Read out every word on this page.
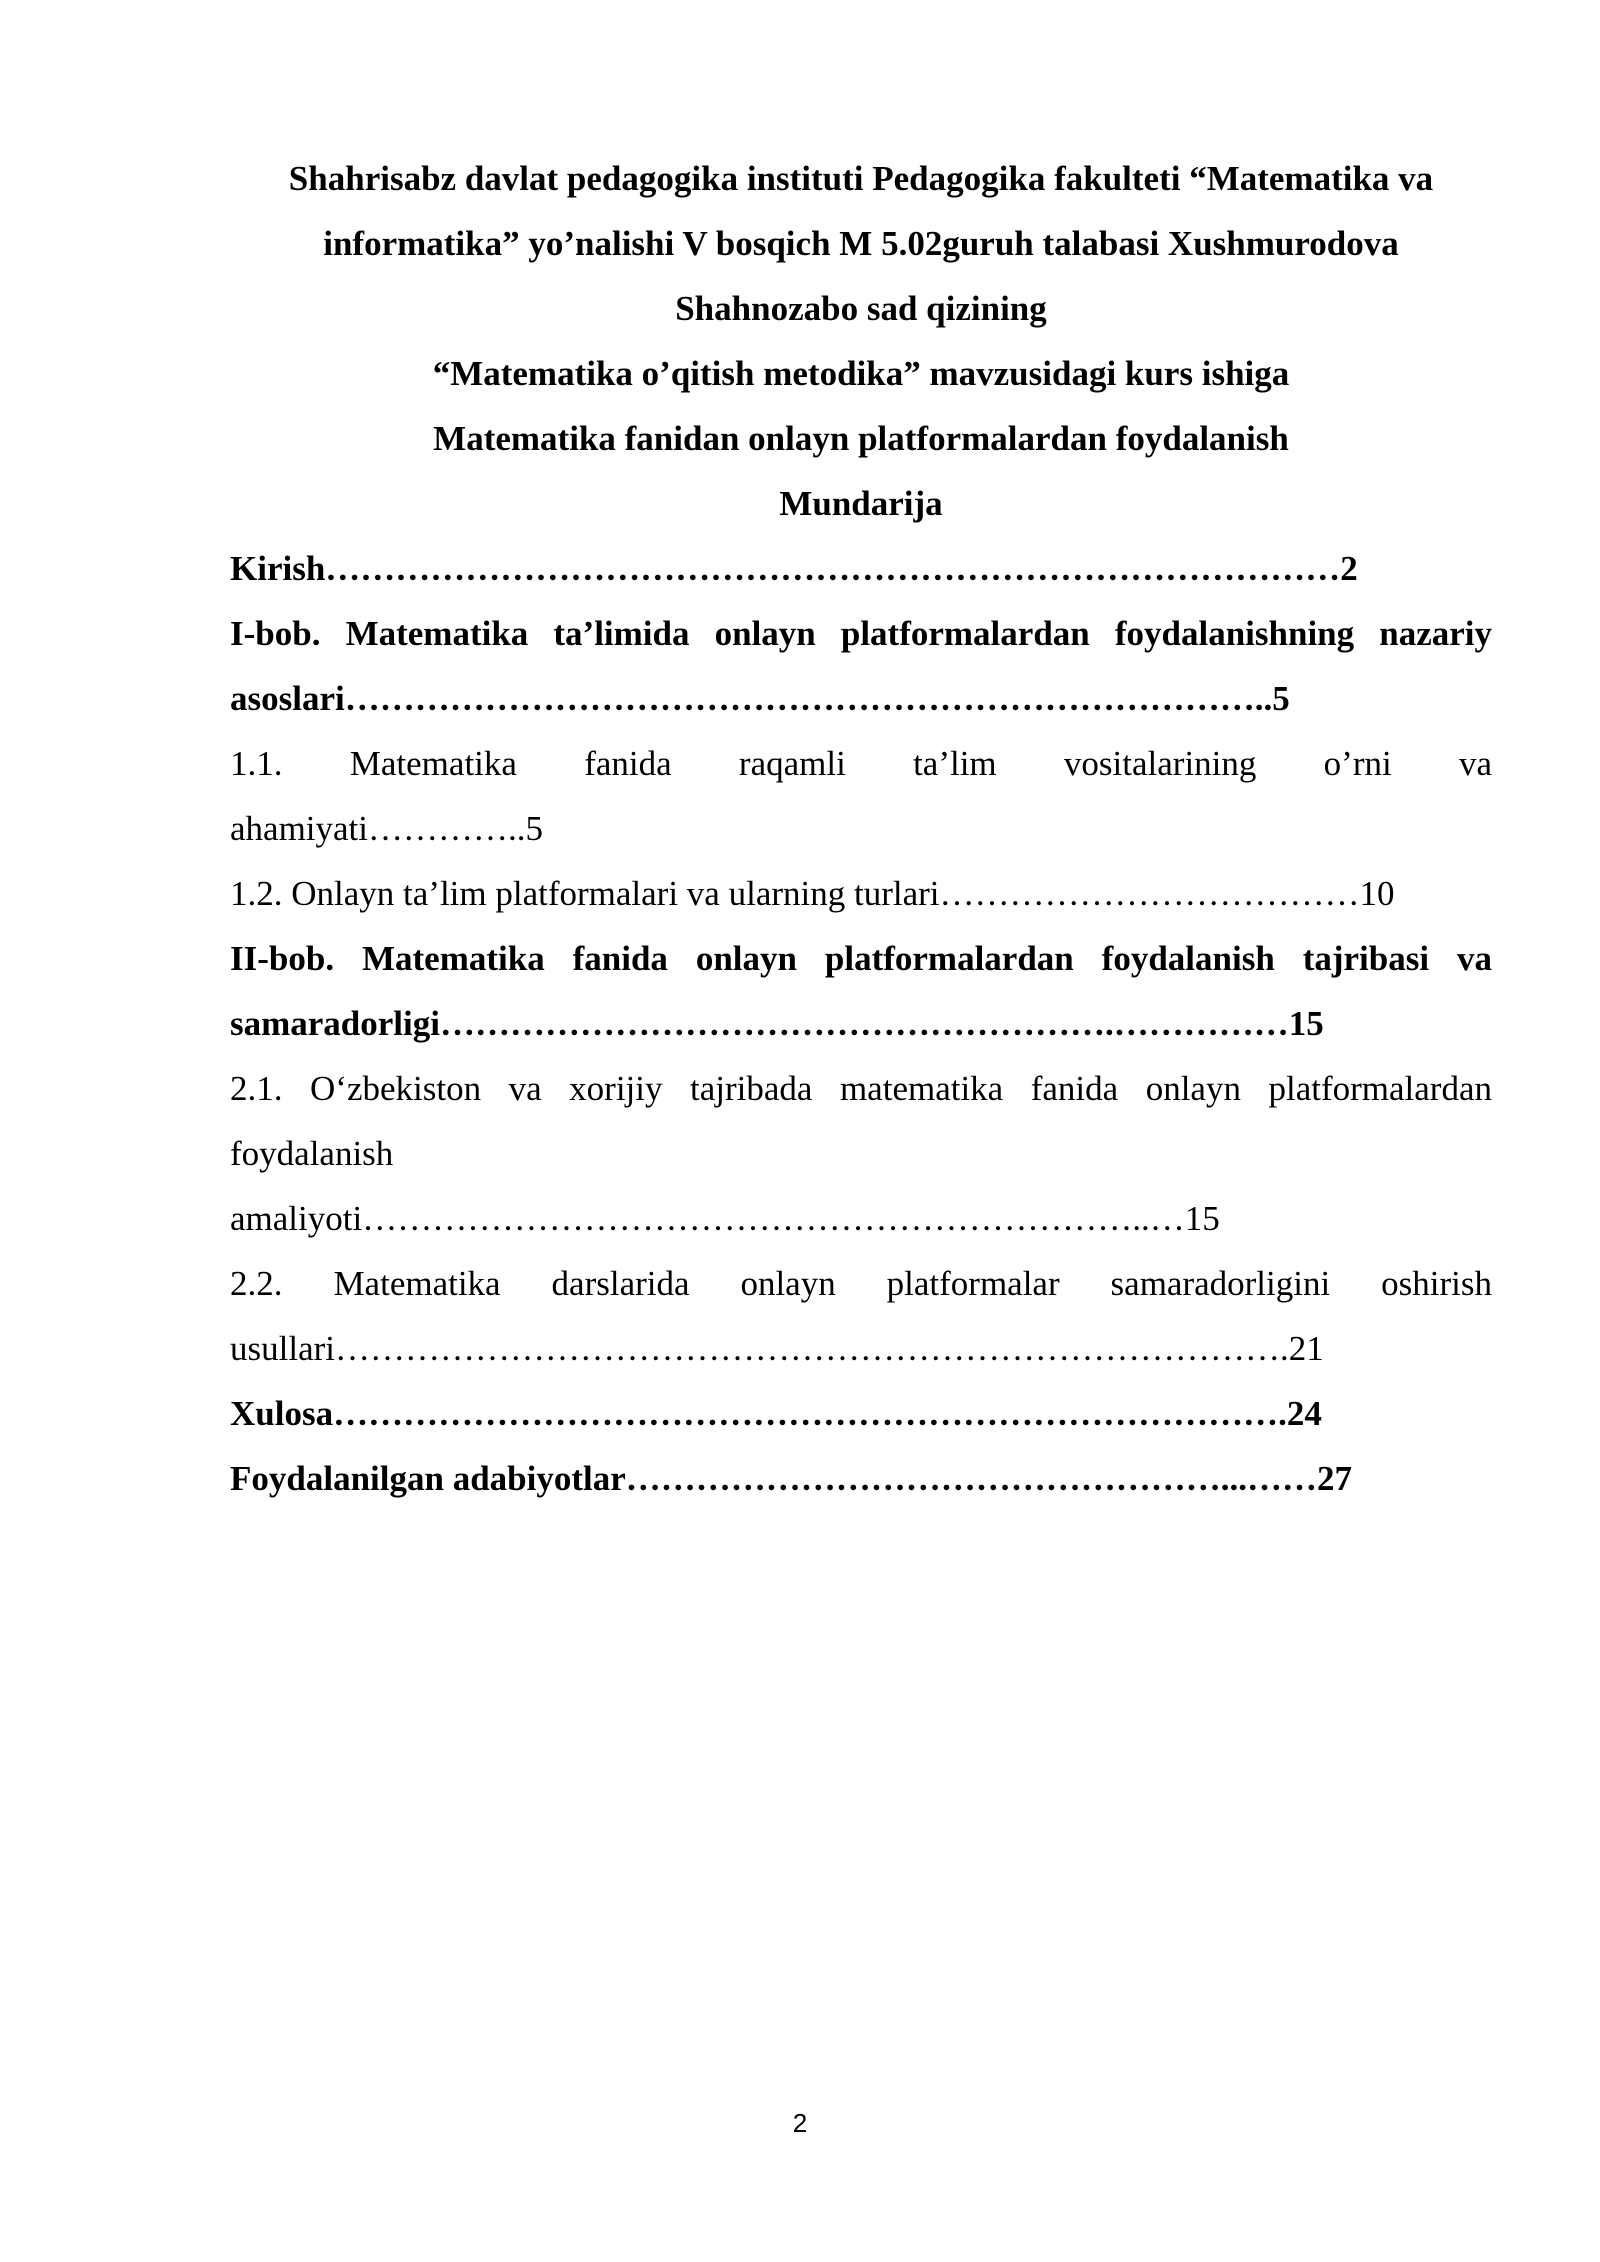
Shahrisabz davlat pedagogika instituti Pedagogika fakulteti “Matematika va
informatika” yo’nalishi V bosqich M 5.02guruh talabasi Xushmurodova
Shahnozabo sad qizining
“Matematika o’qitish metodika” mavzusidagi kurs ishiga
Matematika fanidan onlayn platformalardan foydalanish
Mundarija
Kirish……………………………………………………………………………2
I-bob. Matematika ta’limida onlayn platformalardan foydalanishning nazariy
asoslari……………………………………………………………………..5
1.1. Matematika fanida raqamli ta’lim vositalarining o’rni va
ahamiyati…………..5
1.2. Onlayn ta’lim platformalari va ularning turlari………………………………10
II-bob. Matematika fanida onlayn platformalardan foydalanish tajribasi va
samaradorligi………………………………………………….……………15
2.1. O‘zbekiston va xorijiy tajribada matematika fanida onlayn platformalardan
foydalanish
amaliyoti…………………………………………………………..…15
2.2. Matematika darslarida onlayn platformalar samaradorligini oshirish
usullari……………………………………………………………………….21
Xulosa……………………………………………………………………….24
Foydalanilgan adabiyotlar……………………………………………...……27
2
